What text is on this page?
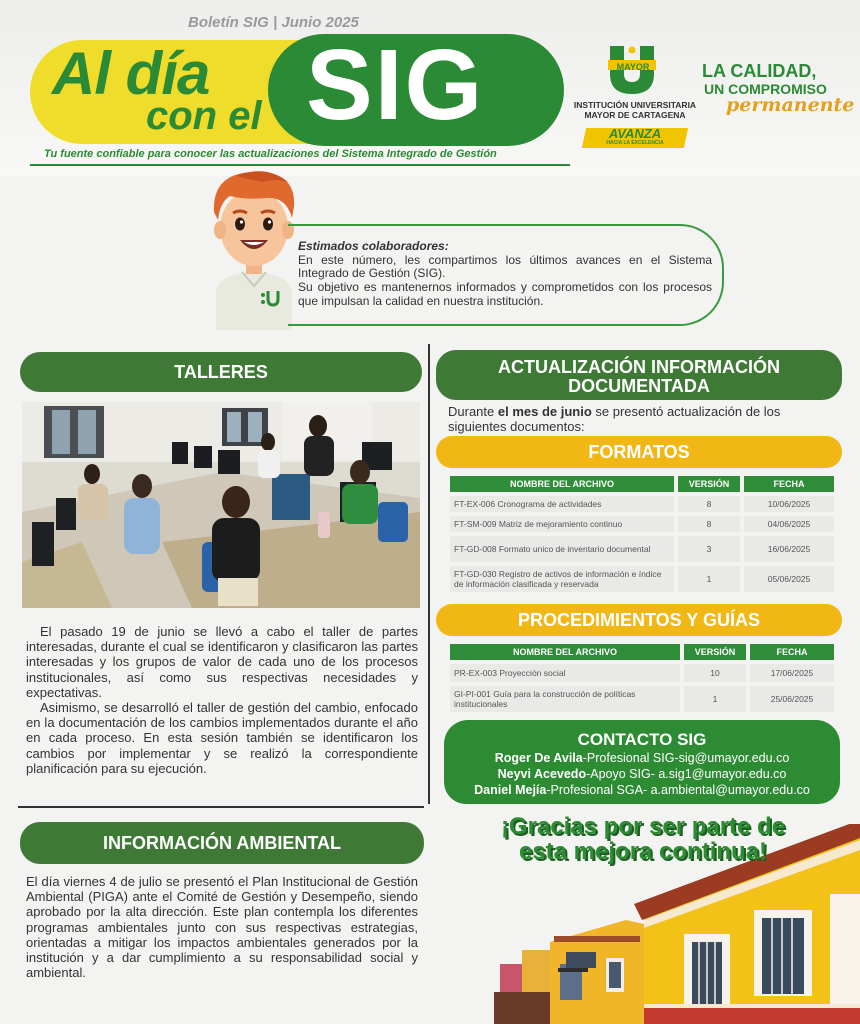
Boletín SIG | Junio 2025
Al día
con el SIG
Tu fuente confiable para conocer las actualizaciones del Sistema Integrado de Gestión
MAYOR
INSTITUCIÓN UNIVERSITARIA MAYOR DE CARTAGENA
AVANZA
HACIA LA EXCELENCIA
LA CALIDAD,
UN COMPROMISO
permanente
Estimados colaboradores:
En este número, les compartimos los últimos avances en el Sistema Integrado de Gestión (SIG).
Su objetivo es mantenernos informados y comprometidos con los procesos que impulsan la calidad en nuestra institución.
TALLERES

El pasado 19 de junio se llevó a cabo el taller de partes interesadas, durante el cual se identificaron y clasificaron las partes interesadas y los grupos de valor de cada uno de los procesos institucionales, así como sus respectivas necesidades y expectativas.

Asimismo, se desarrolló el taller de gestión del cambio, enfocado en la documentación de los cambios implementados durante el año en cada proceso. En esta sesión también se identificaron los cambios por implementar y se realizó la correspondiente planificación para su ejecución.

INFORMACIÓN AMBIENTAL
El día viernes 4 de julio se presentó el Plan Institucional de Gestión Ambiental (PIGA) ante el Comité de Gestión y Desempeño, siendo aprobado por la alta dirección. Este plan contempla los diferentes programas ambientales junto con sus respectivas estrategias, orientadas a mitigar los impactos ambientales generados por la institución y a dar cumplimiento a su responsabilidad social y ambiental.
ACTUALIZACIÓN INFORMACIÓN
DOCUMENTADA
Durante el mes de junio se presentó actualización de los siguientes documentos:
FORMATOS
NOMBRE DEL ARCHIVO	VERSIÓN	FECHA
FT-EX-006 Cronograma de actividades	8	10/06/2025
FT-SM-009 Matriz de mejoramiento continuo	8	04/06/2025
FT-GD-008 Formato unico de inventario documental	3	16/06/2025
FT-GD-030 Registro de activos de información e índice de información clasificada y reservada	1	05/06/2025
PROCEDIMIENTOS Y GUÍAS
NOMBRE DEL ARCHIVO	VERSIÓN	FECHA
PR-EX-003 Proyección social	10	17/06/2025
GI-PI-001 Guía para la construcción de políticas institucionales	1	25/06/2025
CONTACTO SIG
Roger De Avila-Profesional SIG-sig@umayor.edu.co
Neyvi Acevedo-Apoyo SIG- a.sig1@umayor.edu.co
Daniel Mejía-Profesional SGA- a.ambiental@umayor.edu.co
¡Gracias por ser parte de
esta mejora continua!
